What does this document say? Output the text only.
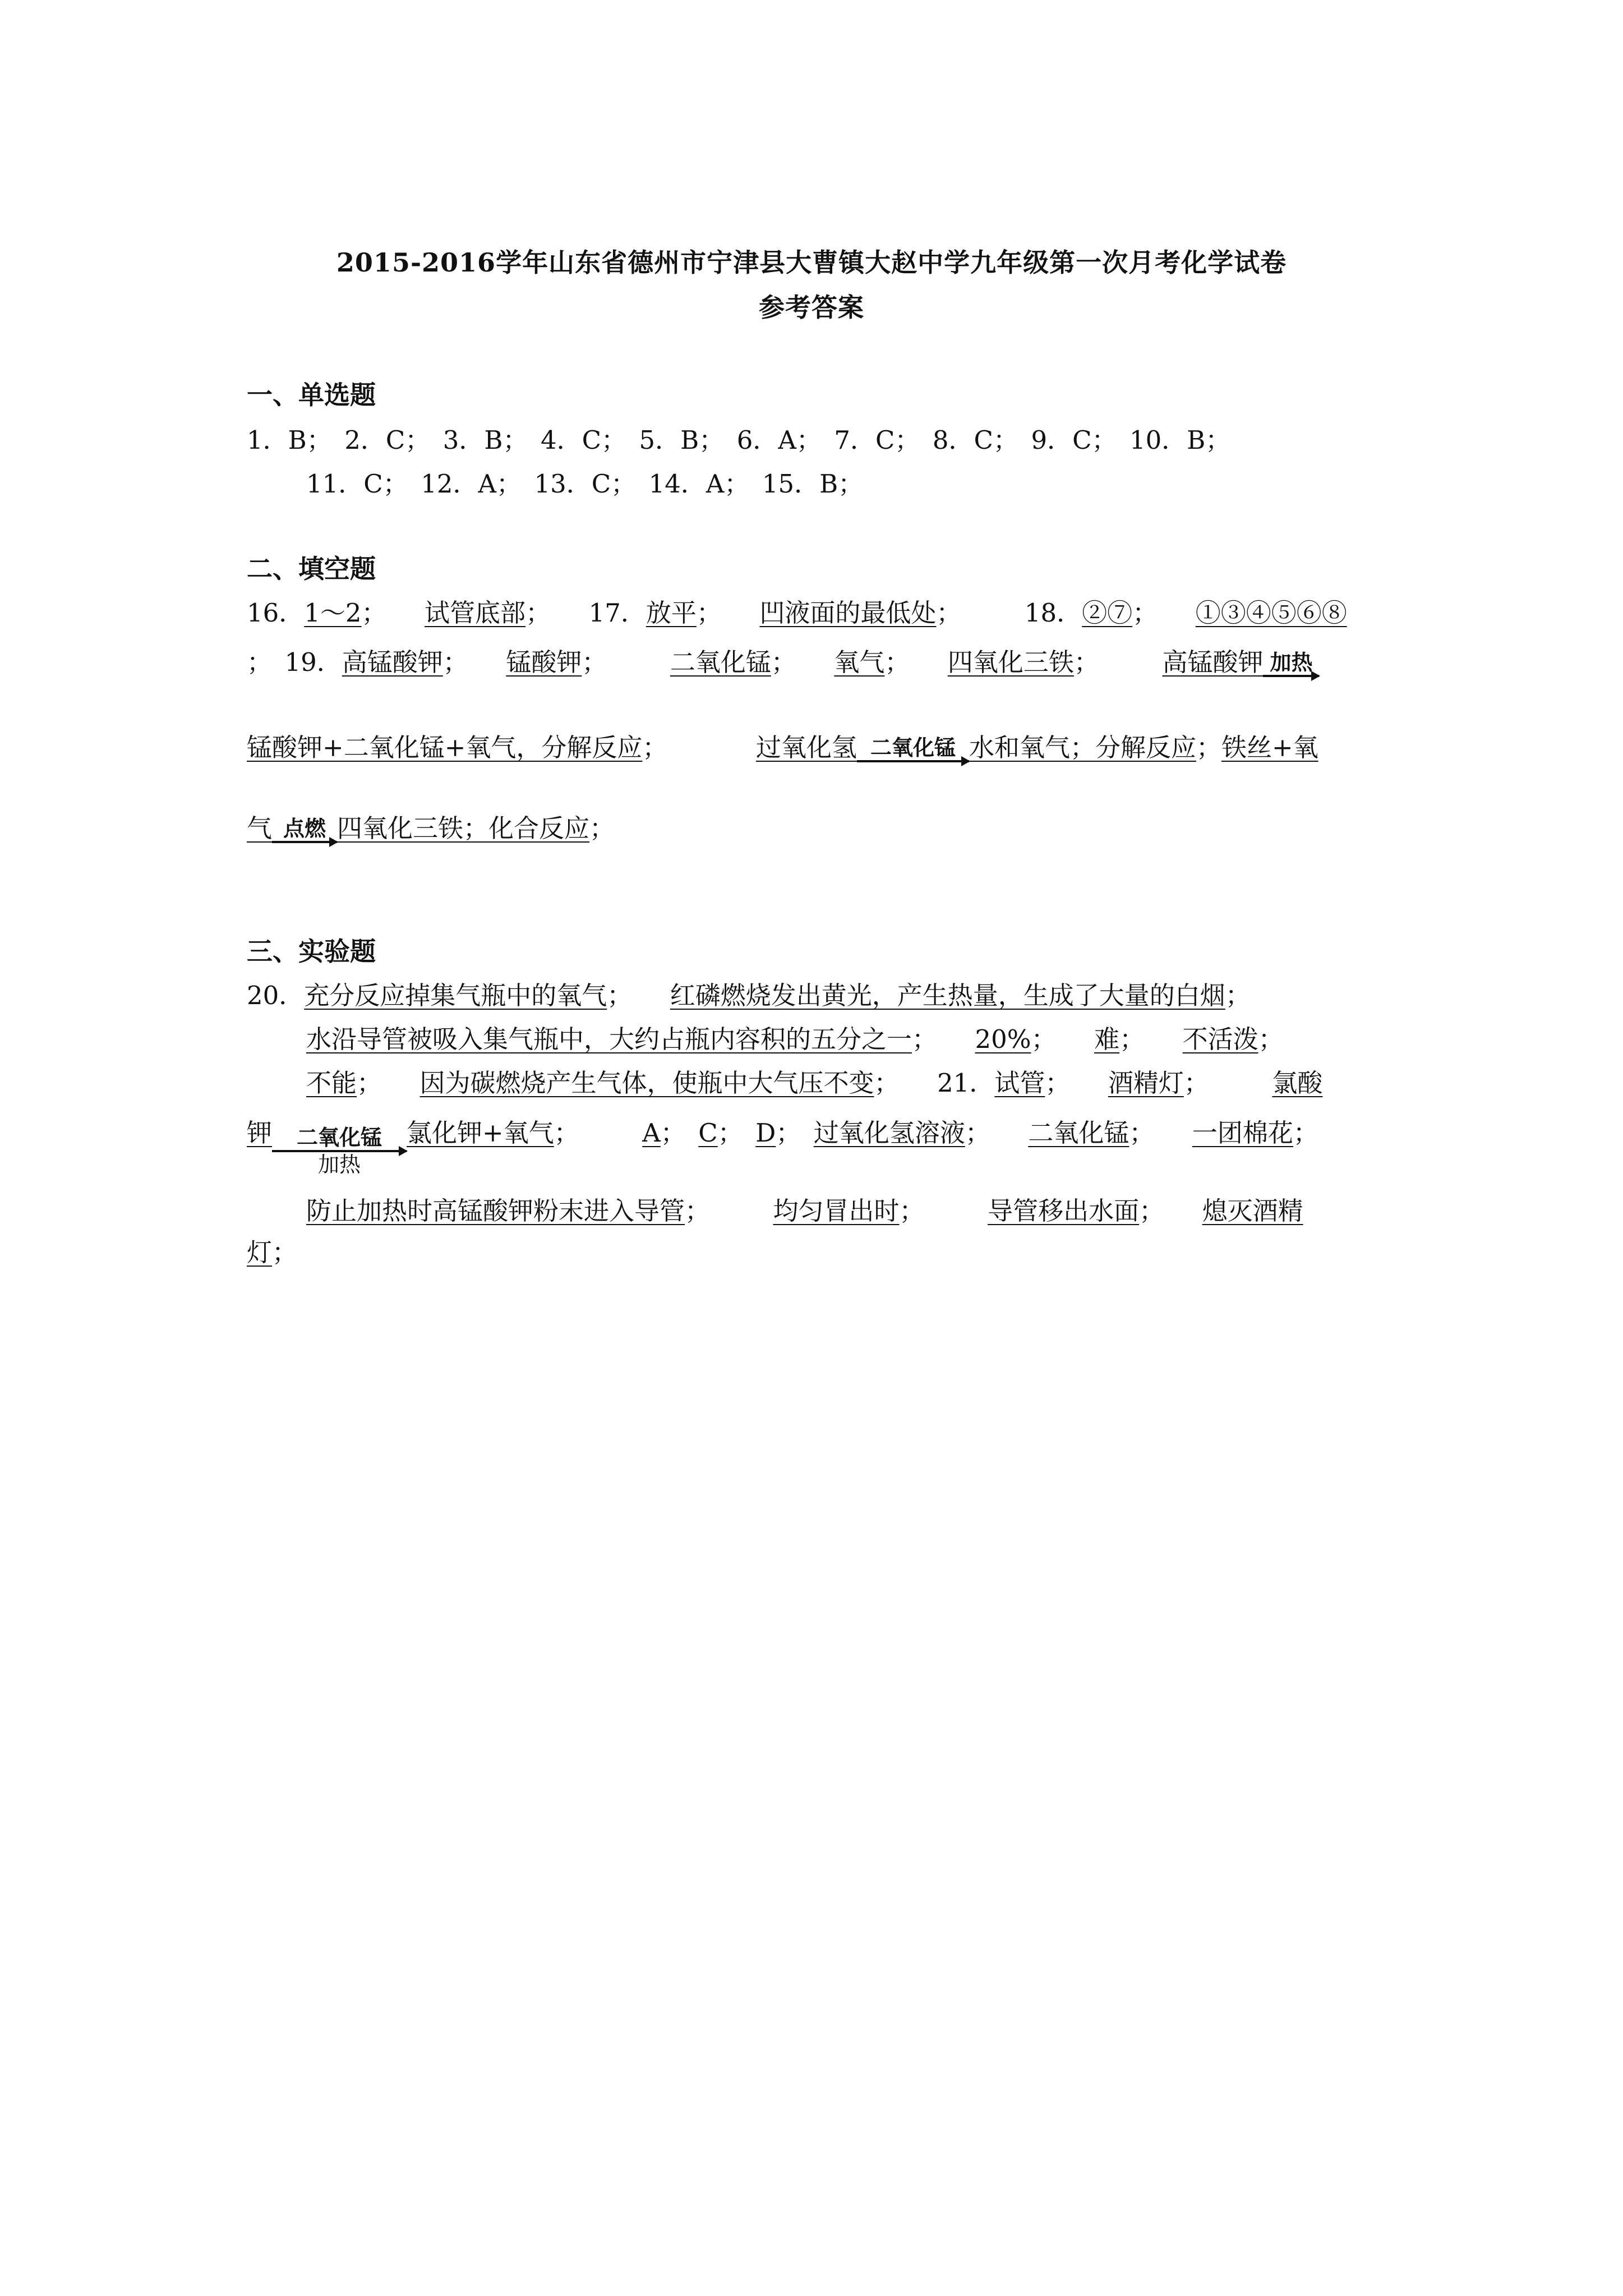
2015-2016学年山东省德州市宁津县大曹镇大赵中学九年级第一次月考化学试卷
参考答案
一、单选题
1．B；　2．C；　3．B；　4．C；　5．B；　6．A；　7．C；　8．C；　9．C；　10．B；
11．C；　12．A；　13．C；　14．A；　15．B；
二、填空题
16．1～2；　　试管底部；　　17．放平；　　凹液面的最低处；　　　18．②⑦；　　①③④⑤⑥⑧
；　19．高锰酸钾；　　锰酸钾；　　　二氧化锰；　　氧气；　　四氧化三铁；　　　高锰酸钾 加热
锰酸钾+二氧化锰+氧气，分解反应；　　　　过氧化氢 二氧化锰 水和氧气；分解反应；铁丝+氧
气 点燃 四氧化三铁；化合反应；
三、实验题
20．充分反应掉集气瓶中的氧气；　　红磷燃烧发出黄光，产生热量，生成了大量的白烟；
水沿导管被吸入集气瓶中，大约占瓶内容积的五分之一；　　20%；　　难；　　不活泼；
不能；　　因为碳燃烧产生气体，使瓶中大气压不变；　　21．试管；　　酒精灯；　　　氯酸
钾	二氧化锰
加热
氯化钾+氧气；　　　A；　C；　D；　过氧化氢溶液；　　二氧化锰；　　一团棉花；
防止加热时高锰酸钾粉末进入导管；　　　均匀冒出时；　　　导管移出水面；　　熄灭酒精
灯；
